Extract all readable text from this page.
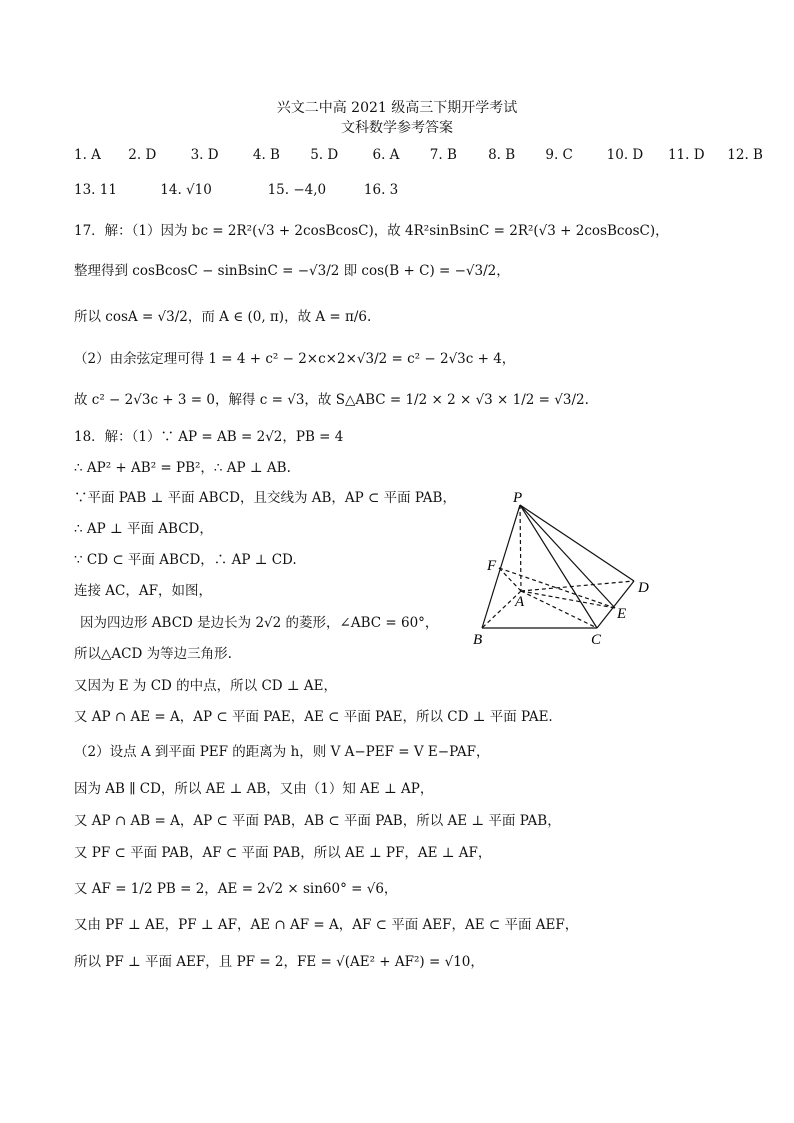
兴文二中高 2021 级高三下期开学考试
文科数学参考答案
1. A 2. D	3. D	4. B 5. D	6. A 7. B 8. B 9. C	10. D 11. D 12. B
13. 11	14. √10	15. −4,0	16. 3
17．解：（1）因为 bc = 2R²(√3 + 2cosBcosC)，故 4R²sinBsinC = 2R²(√3 + 2cosBcosC)，
整理得到 cosBcosC − sinBsinC = −√3/2 即 cos(B + C) = −√3/2，
所以 cosA = √3/2，而 A ∈ (0, π)，故 A = π/6.
（2）由余弦定理可得 1 = 4 + c² − 2×c×2×√3/2 = c² − 2√3c + 4，
故 c² − 2√3c + 3 = 0，解得 c = √3，故 S△ABC = 1/2 × 2 × √3 × 1/2 = √3/2.
18．解：（1）∵ AP = AB = 2√2，PB = 4
∴ AP² + AB² = PB²，∴ AP ⊥ AB.
∵平面 PAB ⊥ 平面 ABCD，且交线为 AB，AP ⊂ 平面 PAB，
∴ AP ⊥ 平面 ABCD，
∵ CD ⊂ 平面 ABCD，∴ AP ⊥ CD.
连接 AC，AF，如图，
因为四边形 ABCD 是边长为 2√2 的菱形，∠ABC = 60°，
所以△ACD 为等边三角形.
又因为 E 为 CD 的中点，所以 CD ⊥ AE，
又 AP ∩ AE = A，AP ⊂ 平面 PAE，AE ⊂ 平面 PAE，所以 CD ⊥ 平面 PAE.
（2）设点 A 到平面 PEF 的距离为 h，则 V A−PEF = V E−PAF，
因为 AB ∥ CD，所以 AE ⊥ AB，又由（1）知 AE ⊥ AP，
又 AP ∩ AB = A，AP ⊂ 平面 PAB，AB ⊂ 平面 PAB，所以 AE ⊥ 平面 PAB，
又 PF ⊂ 平面 PAB，AF ⊂ 平面 PAB，所以 AE ⊥ PF，AE ⊥ AF，
又 AF = 1/2 PB = 2，AE = 2√2 × sin60° = √6，
又由 PF ⊥ AE，PF ⊥ AF，AE ∩ AF = A，AF ⊂ 平面 AEF，AE ⊂ 平面 AEF，
所以 PF ⊥ 平面 AEF，且 PF = 2，FE = √(AE² + AF²) = √10，
P
F
A
D
E
B	C
